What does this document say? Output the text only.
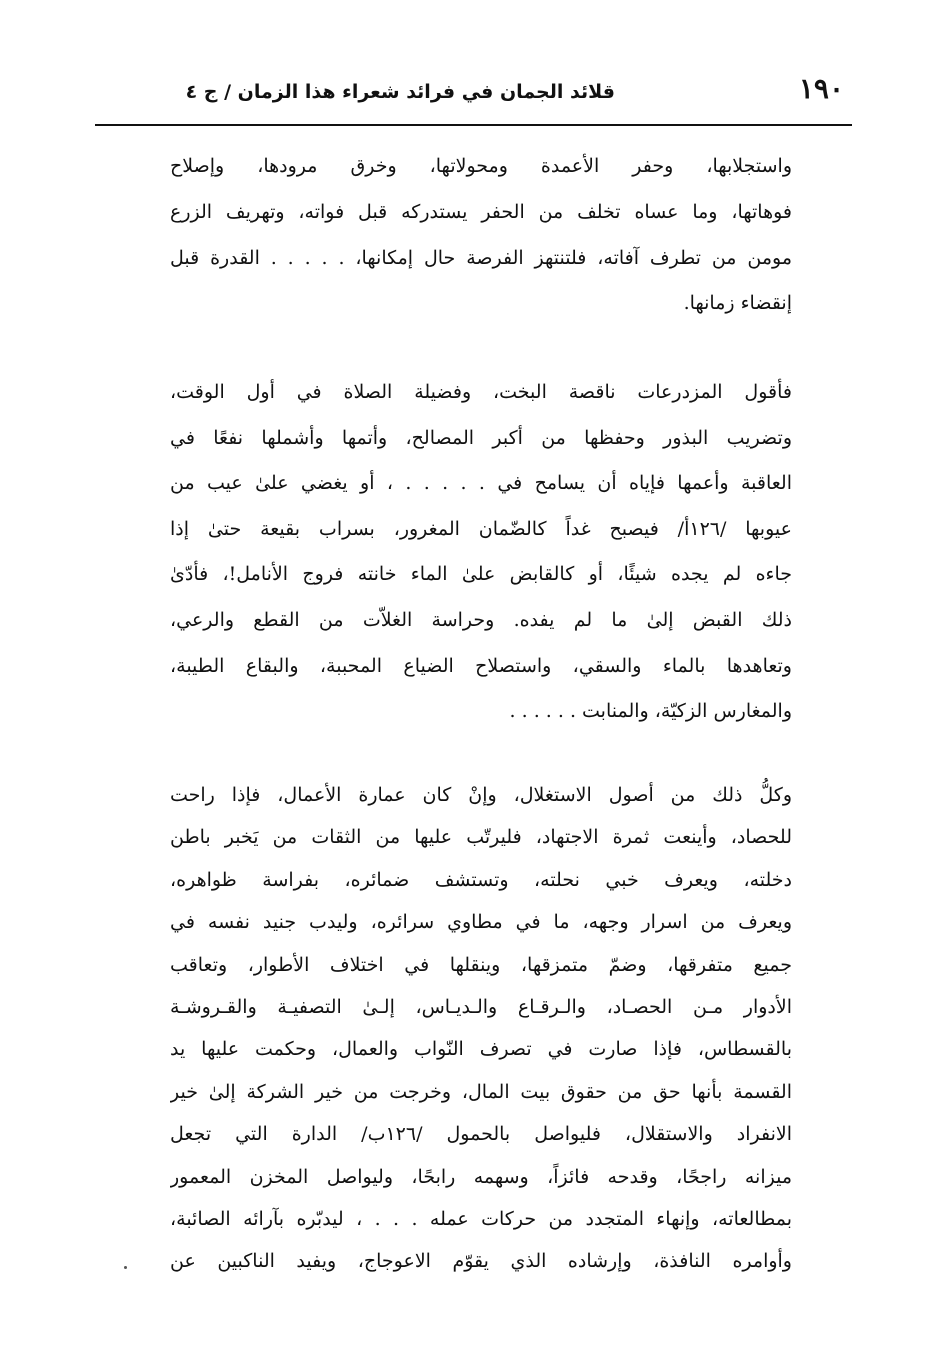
١٩٠
قلائد الجمان في فرائد شعراء هذا الزمان / ج ٤
واستجلابها، وحفر الأعمدة ومحولاتها، وخرق مرودها، وإصلاح
فوهاتها، وما عساه تخلف من الحفر يستدركه قبل فواته، وتهريف الزرع
مومن من تطرف آفاته، فلتنتهز الفرصة حال إمكانها، . . . . . القدرة قبل
إنقضاء زمانها.
فأقول المزدرعات ناقصة البخت، وفضيلة الصلاة في أول الوقت،
وتضريب البذور وحفظها من أكبر المصالح، وأتمها وأشملها نفعًا في
العاقبة وأعمها فإياه أن يسامح في . . . . . ، أو يغضي علىٰ عيب من
عيوبها /١٢٦أ/ فيصبح غداً كالضّمان المغرور، بسراب بقيعة حتىٰ إذا
جاءه لم يجده شيئًا، أو كالقابض علىٰ الماء خانته فروج الأنامل!، فأدّىٰ
ذلك القبض إلىٰ ما لم يفده. وحراسة الغلاّت من القطع والرعي،
وتعاهدها بالماء والسقي، واستصلاح الضياع المحببة، والبقاع الطيبة،
والمغارس الزكيّة، والمنابت . . . . . .
وكلُّ ذلك من أصول الاستغلال، وإنْ كان عمارة الأعمال، فإذا راحت
للحصاد، وأينعت ثمرة الاجتهاد، فليرتّب عليها من الثقات من يَخبر باطن
دخلته، ويعرف خبي نحلته، وتستشف ضمائره، بفراسة ظواهره،
ويعرف من اسرار وجهه، ما في مطاوي سرائره، وليدب جنيد نفسه في
جميع متفرقها، وضمّ متمزقها، وينقلها في اختلاف الأطوار، وتعاقب
الأدوار مـن الحصـاد، والـرقـاع والـديـاس، إلـىٰ التصفيـة والقـروشـة
بالقسطاس، فإذا صارت في تصرف النّواب والعمال، وحكمت عليها يد
القسمة بأنها حق من حقوق بيت المال، وخرجت من خير الشركة إلىٰ خير
الانفراد والاستقلال، فليواصل بالحمول /١٢٦ب/ الدارة التي تجعل
ميزانه راجحًا، وقدحه فائزاً، وسهمه رابحًا، وليواصل المخزن المعمور
بمطالعاته، وإنهاء المتجدد من حركات عمله . . . ، ليدبّره بآرائه الصائبة،
وأوامره النافذة، وإرشاده الذي يقوّم الاعوجاج، ويفيد الناكبين عن
